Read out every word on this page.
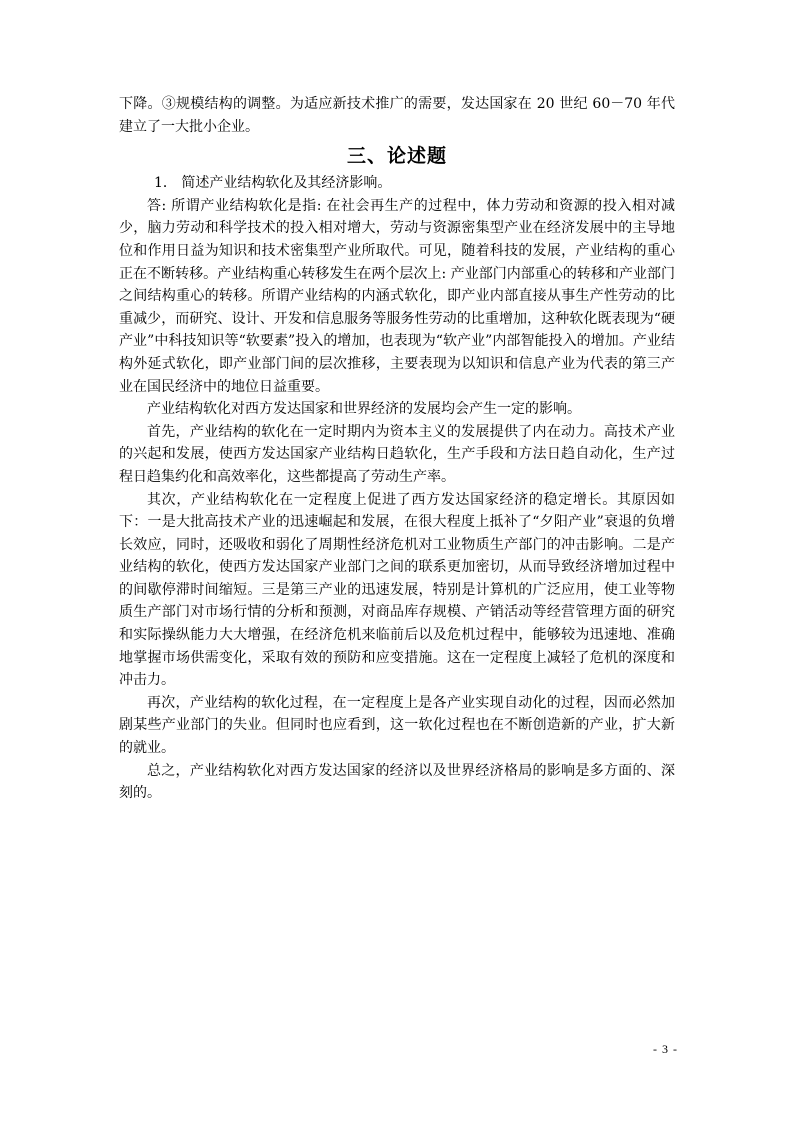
下降。③规模结构的调整。为适应新技术推广的需要，发达国家在 20 世纪 60－70 年代建立了一大批小企业。

三、论述题

1． 简述产业结构软化及其经济影响。

答: 所谓产业结构软化是指: 在社会再生产的过程中，体力劳动和资源的投入相对减少，脑力劳动和科学技术的投入相对增大，劳动与资源密集型产业在经济发展中的主导地位和作用日益为知识和技术密集型产业所取代。可见，随着科技的发展，产业结构的重心正在不断转移。产业结构重心转移发生在两个层次上: 产业部门内部重心的转移和产业部门之间结构重心的转移。所谓产业结构的内涵式软化，即产业内部直接从事生产性劳动的比重减少，而研究、设计、开发和信息服务等服务性劳动的比重增加，这种软化既表现为“硬产业”中科技知识等“软要素”投入的增加，也表现为“软产业”内部智能投入的增加。产业结构外延式软化，即产业部门间的层次推移，主要表现为以知识和信息产业为代表的第三产业在国民经济中的地位日益重要。

产业结构软化对西方发达国家和世界经济的发展均会产生一定的影响。

首先，产业结构的软化在一定时期内为资本主义的发展提供了内在动力。高技术产业的兴起和发展，使西方发达国家产业结构日趋软化，生产手段和方法日趋自动化，生产过程日趋集约化和高效率化，这些都提高了劳动生产率。

其次，产业结构软化在一定程度上促进了西方发达国家经济的稳定增长。其原因如下：一是大批高技术产业的迅速崛起和发展，在很大程度上抵补了“夕阳产业”衰退的负增长效应，同时，还吸收和弱化了周期性经济危机对工业物质生产部门的冲击影响。二是产业结构的软化，使西方发达国家产业部门之间的联系更加密切，从而导致经济增加过程中的间歇停滞时间缩短。三是第三产业的迅速发展，特别是计算机的广泛应用，使工业等物质生产部门对市场行情的分析和预测，对商品库存规模、产销活动等经营管理方面的研究和实际操纵能力大大增强，在经济危机来临前后以及危机过程中，能够较为迅速地、准确地掌握市场供需变化，采取有效的预防和应变措施。这在一定程度上减轻了危机的深度和冲击力。

再次，产业结构的软化过程，在一定程度上是各产业实现自动化的过程，因而必然加剧某些产业部门的失业。但同时也应看到，这一软化过程也在不断创造新的产业，扩大新的就业。

总之，产业结构软化对西方发达国家的经济以及世界经济格局的影响是多方面的、深刻的。

- 3 -
